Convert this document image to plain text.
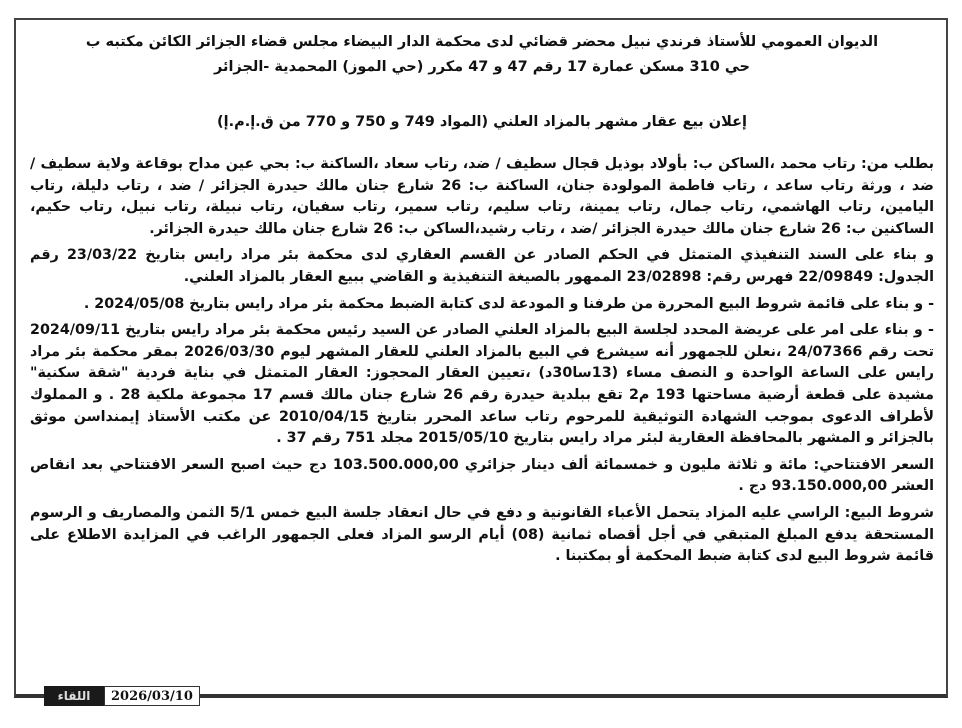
الديوان العمومي للأستاذ فرندي نبيل محضر قضائي لدى محكمة الدار البيضاء مجلس قضاء الجزائر الكائن مكتبه ب

حي 310 مسكن عمارة 17 رقم 47 و 47 مكرر (حي الموز) المحمدية -الجزائر

إعلان بيع عقار مشهر بالمزاد العلني (المواد 749 و 750 و 770 من ق.إ.م.إ)

بطلب من: رتاب محمد ،الساكن ب: بأولاد بوذيل قجال سطيف / ضد، رتاب سعاد ،الساكنة ب: بحي عين مداح بوقاعة ولاية سطيف / ضد ، ورثة رتاب ساعد ، رتاب فاطمة المولودة جنان، الساكنة ب: 26 شارع جنان مالك حيدرة الجزائر / ضد ، رتاب دليلة، رتاب اليامين، رتاب الهاشمي، رتاب جمال، رتاب يمينة، رتاب سليم، رتاب سمير، رتاب سفيان، رتاب نبيلة، رتاب نبيل، رتاب حكيم، الساكنين ب: 26 شارع جنان مالك حيدرة الجزائر /ضد ، رتاب رشيد،الساكن ب: 26 شارع جنان مالك حيدرة الجزائر.

و بناء على السند التنفيذي المتمثل في الحكم الصادر عن القسم العقاري لدى محكمة بئر مراد رايس بتاريخ 23/03/22 رقم الجدول: 22/09849 فهرس رقم: 23/02898 الممهور بالصيغة التنفيذية و القاضي ببيع العقار بالمزاد العلني.

- و بناء على قائمة شروط البيع المحررة من طرفنا و المودعة لدى كتابة الضبط محكمة بئر مراد رايس بتاريخ 2024/05/08 .

- و بناء على امر على عريضة المحدد لجلسة البيع بالمزاد العلني الصادر عن السيد رئيس محكمة بئر مراد رايس بتاريخ 2024/09/11 تحت رقم 24/07366 ،نعلن للجمهور أنه سيشرع في البيع بالمزاد العلني للعقار المشهر ليوم 2026/03/30 بمقر محكمة بئر مراد رايس على الساعة الواحدة و النصف مساء (13سا30د) ،تعيين العقار المحجوز: العقار المتمثل في بناية فردية "شقة سكنية" مشيدة على قطعة أرضية مساحتها 193 م2 تقع ببلدية حيدرة رقم 26 شارع جنان مالك قسم 17 مجموعة ملكية 28 . و المملوك لأطراف الدعوى بموجب الشهادة التوثيقية للمرحوم رتاب ساعد المحرر بتاريخ 2010/04/15 عن مكتب الأستاذ إيمنداسن موثق بالجزائر و المشهر بالمحافظة العقارية لبئر مراد رايس بتاريخ 2015/05/10 مجلد 751 رقم 37 .

السعر الافتتاحي: مائة و ثلاثة مليون و خمسمائة ألف دينار جزائري 103.500.000,00 دج حيث اصبح السعر الافتتاحي بعد انقاص العشر 93.150.000,00 دج .

شروط البيع: الراسي عليه المزاد يتحمل الأعباء القانونية و دفع في حال انعقاد جلسة البيع خمس 5/1 الثمن والمصاريف و الرسوم المستحقة يدفع المبلغ المتبقي في أجل أقصاه ثمانية (08) أيام الرسو المزاد فعلى الجمهور الراغب في المزايدة الاطلاع على قائمة شروط البيع لدى كتابة ضبط المحكمة أو بمكتبنا .

اللقاء	2026/03/10
